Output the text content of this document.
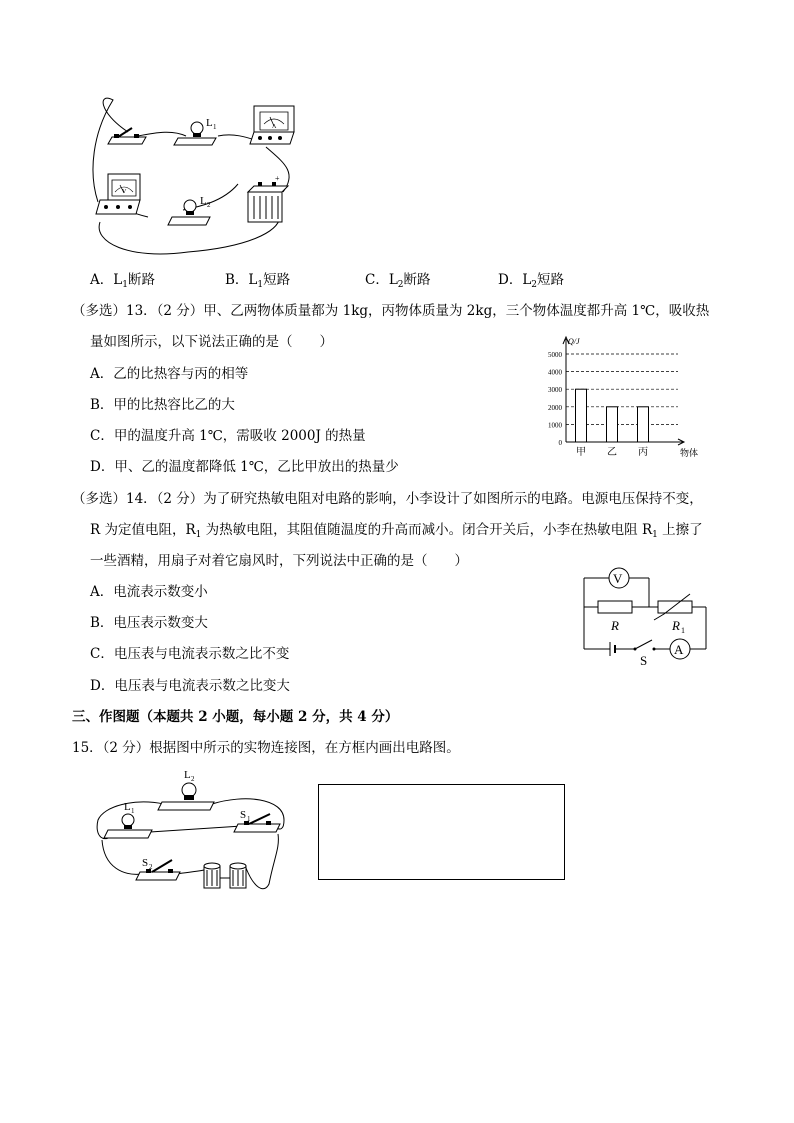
L 1	A
V
L 2
+
A．$L_1$断路	B．$L_1$短路	C．$L_2$断路	D．$L_2$短路
（多选）13．（2 分）甲、乙两物体质量都为 1kg，丙物体质量为 2kg，三个物体温度都升高 1℃，吸收热
量如图所示，以下说法正确的是（　　）
A．乙的比热容与丙的相等
B．甲的比热容比乙的大
C．甲的温度升高 1℃，需吸收 2000J 的热量
D．甲、乙的温度都降低 1℃，乙比甲放出的热量少
0
1000
2000
3000
4000
5000
Q/J
物体
甲 乙 丙
（多选）14．（2 分）为了研究热敏电阻对电路的影响，小李设计了如图所示的电路。电源电压保持不变，
R 为定值电阻，$R_1$ 为热敏电阻，其阻值随温度的升高而减小。闭合开关后，小李在热敏电阻 $R_1$ 上擦了
一些酒精，用扇子对着它扇风时，下列说法中正确的是（　　）
A．电流表示数变小
B．电压表示数变大
C．电压表与电流表示数之比不变
D．电压表与电流表示数之比变大
V
R	R 1
S
A
三、作图题（本题共 2 小题，每小题 2 分，共 4 分）
15．（2 分）根据图中所示的实物连接图，在方框内画出电路图。
L 2
L 1	S 1
S 2
